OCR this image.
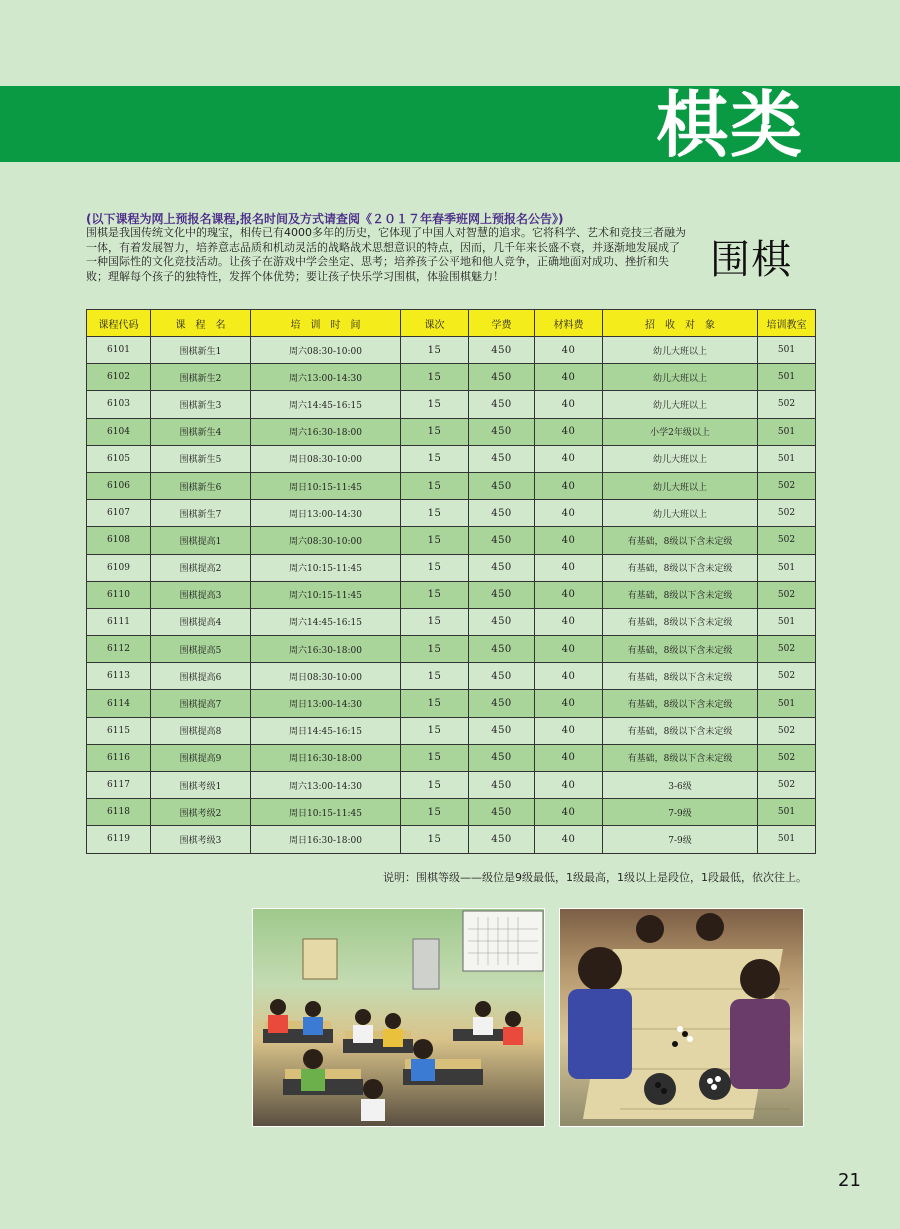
棋类
(以下课程为网上预报名课程,报名时间及方式请查阅《２０１７年春季班网上预报名公告》)
围棋是我国传统文化中的瑰宝，相传已有4000多年的历史，它体现了中国人对智慧的追求。它将科学、艺术和竞技三者融为一体，有着发展智力，培养意志品质和机动灵活的战略战术思想意识的特点，因而，几千年来长盛不衰，并逐渐地发展成了一种国际性的文化竞技活动。让孩子在游戏中学会坐定、思考；培养孩子公平地和他人竞争，正确地面对成功、挫折和失败；理解每个孩子的独特性，发挥个体优势；要让孩子快乐学习围棋，体验围棋魅力！	围棋
课程代码	课　程　名	培　训　时　间	课次	学费	材料费	招　收　对　象	培训教室
6101	围棋新生1	周六08:30-10:00	15	450	40	幼儿大班以上	501
6102	围棋新生2	周六13:00-14:30	15	450	40	幼儿大班以上	501
6103	围棋新生3	周六14:45-16:15	15	450	40	幼儿大班以上	502
6104	围棋新生4	周六16:30-18:00	15	450	40	小学2年级以上	501
6105	围棋新生5	周日08:30-10:00	15	450	40	幼儿大班以上	501
6106	围棋新生6	周日10:15-11:45	15	450	40	幼儿大班以上	502
6107	围棋新生7	周日13:00-14:30	15	450	40	幼儿大班以上	502
6108	围棋提高1	周六08:30-10:00	15	450	40	有基础，8级以下含未定级	502
6109	围棋提高2	周六10:15-11:45	15	450	40	有基础，8级以下含未定级	501
6110	围棋提高3	周六10:15-11:45	15	450	40	有基础，8级以下含未定级	502
6111	围棋提高4	周六14:45-16:15	15	450	40	有基础，8级以下含未定级	501
6112	围棋提高5	周六16:30-18:00	15	450	40	有基础，8级以下含未定级	502
6113	围棋提高6	周日08:30-10:00	15	450	40	有基础，8级以下含未定级	502
6114	围棋提高7	周日13:00-14:30	15	450	40	有基础，8级以下含未定级	501
6115	围棋提高8	周日14:45-16:15	15	450	40	有基础，8级以下含未定级	502
6116	围棋提高9	周日16:30-18:00	15	450	40	有基础，8级以下含未定级	502
6117	围棋考级1	周六13:00-14:30	15	450	40	3-6级	502
6118	围棋考级2	周日10:15-11:45	15	450	40	7-9级	501
6119	围棋考级3	周日16:30-18:00	15	450	40	7-9级	501
说明：围棋等级——级位是9级最低，1级最高，1级以上是段位，1段最低，依次往上。
21
